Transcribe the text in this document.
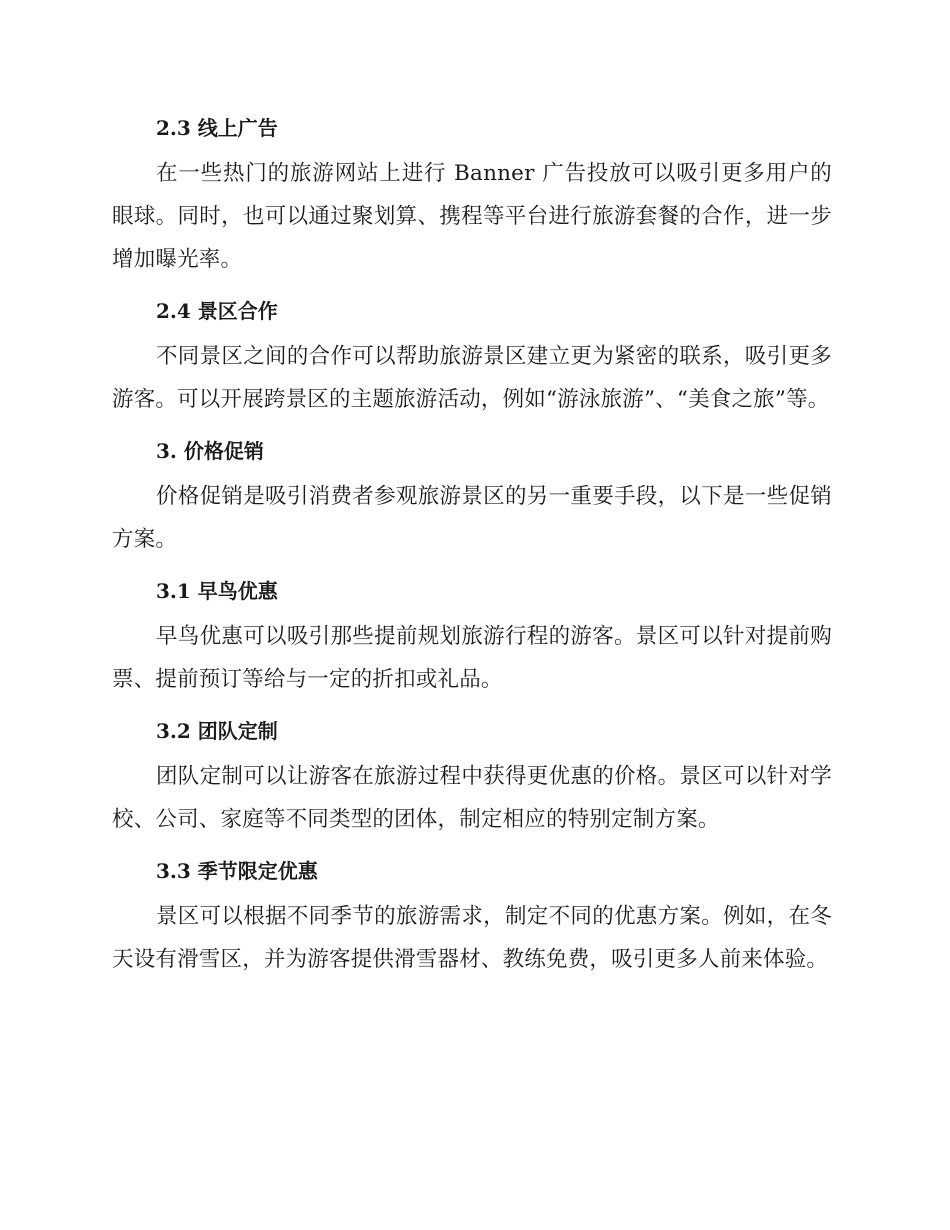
2.3 线上广告

在一些热门的旅游网站上进行 Banner 广告投放可以吸引更多用户的眼球。同时，也可以通过聚划算、携程等平台进行旅游套餐的合作，进一步增加曝光率。

2.4 景区合作

不同景区之间的合作可以帮助旅游景区建立更为紧密的联系，吸引更多游客。可以开展跨景区的主题旅游活动，例如“游泳旅游”、“美食之旅”等。

3. 价格促销

价格促销是吸引消费者参观旅游景区的另一重要手段，以下是一些促销方案。

3.1 早鸟优惠

早鸟优惠可以吸引那些提前规划旅游行程的游客。景区可以针对提前购票、提前预订等给与一定的折扣或礼品。

3.2 团队定制

团队定制可以让游客在旅游过程中获得更优惠的价格。景区可以针对学校、公司、家庭等不同类型的团体，制定相应的特别定制方案。

3.3 季节限定优惠

景区可以根据不同季节的旅游需求，制定不同的优惠方案。例如，在冬天设有滑雪区，并为游客提供滑雪器材、教练免费，吸引更多人前来体验。
